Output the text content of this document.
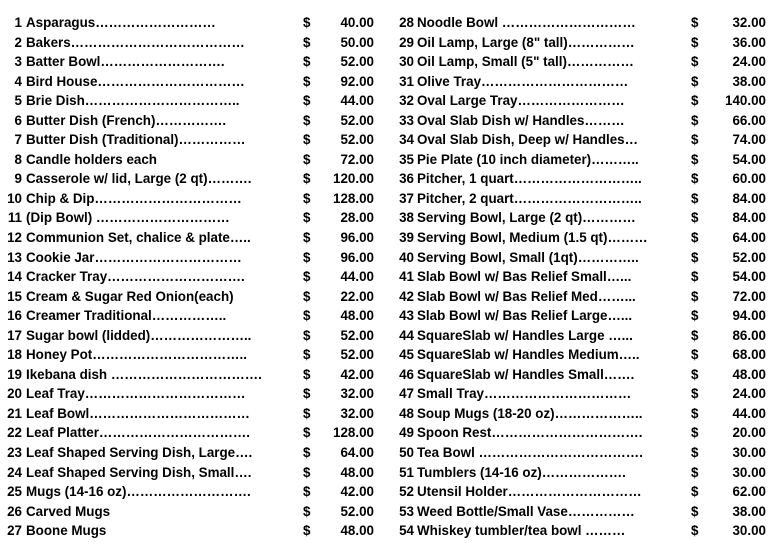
1 Asparagus………………………	$ 40.00
2 Bakers…………………………………	$ 50.00
3 Batter Bowl……………………….	$ 52.00
4 Bird House……………………………	$ 92.00
5 Brie Dish……………………………..	$ 44.00
6 Butter Dish (French)…………….	$ 52.00
7 Butter Dish (Traditional)……………	$ 52.00
8 Candle holders each	$ 72.00
9 Casserole w/ lid, Large (2 qt)……….	$ 120.00
10 Chip & Dip……………………………	$ 128.00
11 (Dip Bowl) …………………………	$ 28.00
12 Communion Set, chalice & plate…..	$ 96.00
13 Cookie Jar……………………………	$ 96.00
14 Cracker Tray………………………….	$ 44.00
15 Cream & Sugar Red Onion(each)	$ 22.00
16 Creamer Traditional……………..	$ 48.00
17 Sugar bowl (lidded)…………………..	$ 52.00
18 Honey Pot……………………………..	$ 52.00
19 Ikebana dish …………………………….	$ 42.00
20 Leaf Tray………………………………	$ 32.00
21 Leaf Bowl………………………………	$ 32.00
22 Leaf Platter…………………………….	$ 128.00
23 Leaf Shaped Serving Dish, Large….	$ 64.00
24 Leaf Shaped Serving Dish, Small….	$ 48.00
25 Mugs (14-16 oz)……………………….	$ 42.00
26 Carved Mugs	$ 52.00
27 Boone Mugs	$ 48.00
28 Noodle Bowl …………………………	$	32.00
29 Oil Lamp, Large (8" tall)……………	$	36.00
30 Oil Lamp, Small (5" tall)……………	$	24.00
31 Olive Tray……………………………	$	38.00
32 Oval Large Tray……………………	$ 140.00
33 Oval Slab Dish w/ Handles………	$	66.00
34 Oval Slab Dish, Deep w/ Handles…	$	74.00
35 Pie Plate (10 inch diameter)………..	$	54.00
36 Pitcher, 1 quart………………………..	$	60.00
37 Pitcher, 2 quart………………………..	$	84.00
38 Serving Bowl, Large (2 qt)…………	$	84.00
39 Serving Bowl, Medium (1.5 qt)………	$	64.00
40 Serving Bowl, Small (1qt)…………..	$	52.00
41 Slab Bowl w/ Bas Relief Small…...	$	54.00
42 Slab Bowl w/ Bas Relief Med……...	$	72.00
43 Slab Bowl w/ Bas Relief Large…...	$	94.00
44 SquareSlab w/ Handles Large …...	$	86.00
45 SquareSlab w/ Handles Medium…..	$	68.00
46 SquareSlab w/ Handles Small…….	$	48.00
47 Small Tray……………………………	$	24.00
48 Soup Mugs (18-20 oz)………………..	$	44.00
49 Spoon Rest…………………………….	$	20.00
50 Tea Bowl ……………………………….	$	30.00
51 Tumblers (14-16 oz)……………….	$	30.00
52 Utensil Holder…………………………	$	62.00
53 Weed Bottle/Small Vase……………	$	38.00
54 Whiskey tumbler/tea bowl ………	$	30.00
